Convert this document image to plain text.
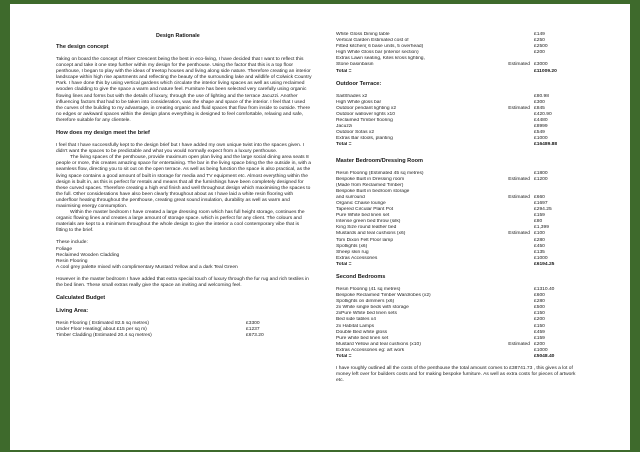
Design Rationale
The design concept

Taking on board the concept of River Crescent being the best in eco-living, I have decided that I want to reflect this concept and take it one step further within my design for the penthouse. Using the factor that this is a top floor penthouse, I began to play with the ideas of treetop houses and living along side nature. Therefore creating an interior landscape within high rise apartments and reflecting the beauty of the surrounding lake and wildlife of Colwick Country Park. I have done this by using vertical gardens which circulate the interior living spaces as well as using reclaimed wooden cladding to give the space a warm and nature feel. Furniture has been selected very carefully using organic flowing lines and forms but with the details of luxury, through the use of lighting and the terrace Jacuzzi. Another influencing factors that had to be taken into consideration, was the shape and space of the interior. I feel that I used the curves of the building to my advantage, in creating organic and fluid spaces that flow from inside to outside. There no edges or awkward spaces within the design plans everything is designed to feel comfortable, relaxing and safe, therefore suitable for any clientele.

How does my design meet the brief

I feel that I have successfully kept to the design brief but I have added my own unique twist into the spaces given. I didn't want the spaces to be predictable and what you would normally expect from a luxury penthouse.

The living spaces of the penthouse, provide maximum open plan living and the large social dining area seats 8 people or more, this creates amazing space for entertaining. The bar in the living space bring the the outside in, with a seamless flow, directing you to sit out on the open terrace. As well as being function the space is also practical, as the living space contains a good amount of built in storage for media and TV equipment etc. Almost everything within the design is built in, as this is perfect for rentals and means that all the furnishings have been completely designed for these curved spaces. Therefore creating a high end finish and well throughout design which maximising the spaces to the full. Other considerations have also been clearly throughout about as I have laid a white resin flooring with underfloor heating throughout the penthouse, creating great sound insulation, durability as well as warm and maximising energy consumption.

Within the master bedroom I have created a large dressing room which has full height storage, continues the organic flowing lines and creates a large amount of storage space. which is perfect for any client. The colours and materials are kept to a minimum throughout the whole design to give the interior a cool contemporary vibe that is fitting to the brief.

These include:

Foliage

Reclaimed Wooden Cladding

Resin Flooring

A cool grey palette mixed with complimentary Mustard Yellow and a dark Teal Green

However in the master bedroom I have added that extra special touch of luxury through the fur rug and rich textiles in the bed linen. These small extras really give the space an inviting and welcoming feel.

Calculated Budget
Living Area:
Resin Flooring ( Estimated 82.5 sq metres)	£3300
Under Floor Heating( about £15 per sq m)	£1237
Timber Cladding (Estimated 20.4 sq metres)	£673.20
White Gloss Dining table	£149
Vertical Garden Estimated cost of	£250
Fitted kitchen( 6 base units, 5 overhead)	£2500
High White Gloss bar (interior section)	£200
Extras Lawn seating, Kites kross lighting,
Stone basinbasin	Estimated £3000
Total =	£11009.20
Outdoor Terrace:
SailShades x2	£80.98
High White gloss bar	£300
Outdoor pendant lighting x2	Estimated £845
Outdoor wallover lights x10	£420.90
Reclaimed Timber flooring	£4480
Jacuzzi	£8999
Outdoor Sofas x2	£549
Extras Bar stools, planting	£1000
Total =	£16489.88
Master Bedroom/Dressing Room
Resin Flooring (Estimated 45 sq metres)	£1800
Bespoke Built in Dressing room	Estimated £1200
(Made from Reclaimed Timber)
Bespoke Built in bedroom storage
and surround	Estimated £660
Organic Chaise lounge	£1697
Tapered Circular Plant Pot	£294.25
Pure White bed linen set	£159
Intense green bed throw (silk)	£80
King Size round leather bed	£1,399
Mustards and teal cushions (x6)	Estimated £100
Tom Dixon Felt Floor lamp	£280
Spotlights (x6)	£450
Sheep skin rug	£135
Extras Accessories	£1000
Total =	£6194.25
Second Bedrooms
Resin Flooring (41 sq metres)	£1310.40
Bespoke Reclaimed Timber Wardrobes (x2)	£600
Spotlights on dimmers (x6)	£280
2x White single beds with storage	£500
2xPure White bed linen sets	£150
Bed side tables x4	£200
2x Habitat Lamps	£150
Double Bed white gloss	£459
Pure white bed linen set	£159
Mustard Yellow and teal cushions (x10)	Estimated £200
Extras Accessories eg: art work	£1000
Total =	£5048.40

I have roughly outlined all the costs of the penthouse the total amount comes to £38741.73 , this gives a lot of money left over for builders costs and for making bespoke furniture. As well as extra costs for pieces of artwork etc.
